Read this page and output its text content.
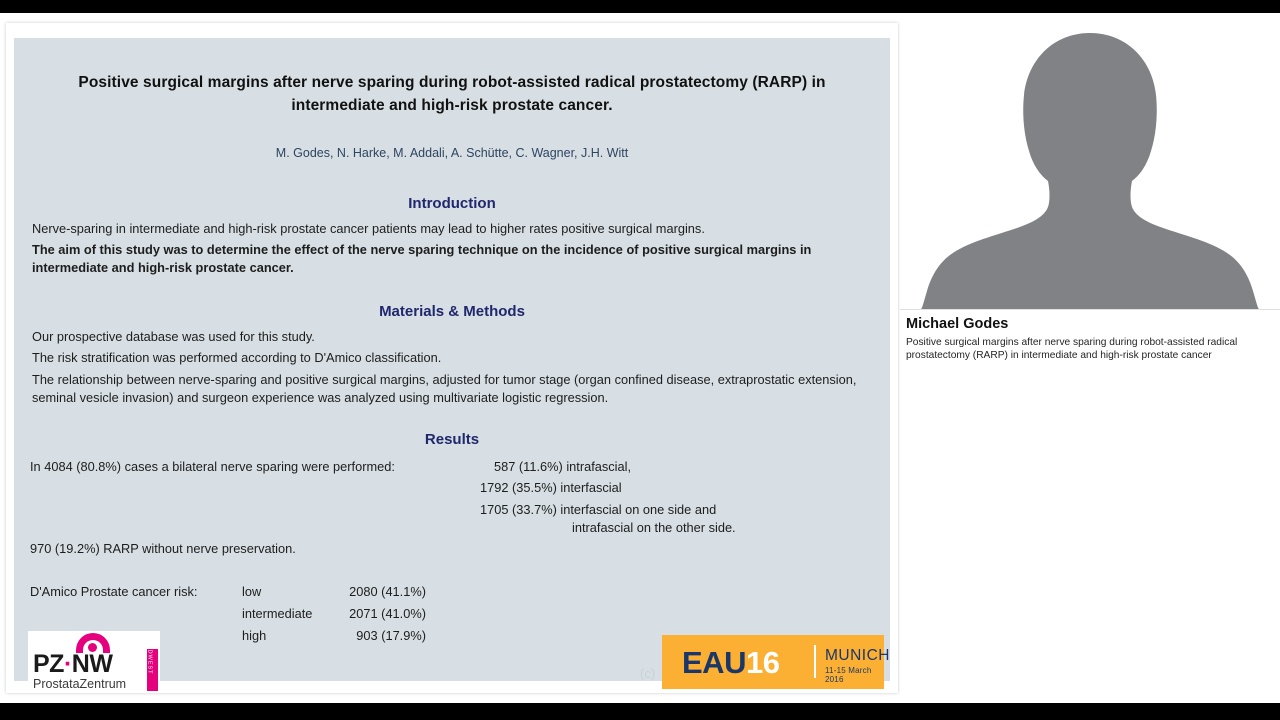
Positive surgical margins after nerve sparing during robot-assisted radical prostatectomy (RARP) in intermediate and high-risk prostate cancer.
M. Godes, N. Harke, M. Addali, A. Schütte, C. Wagner, J.H. Witt
Introduction
Nerve-sparing in intermediate and high-risk prostate cancer patients may lead to higher rates positive surgical margins.
The aim of this study was to determine the effect of the nerve sparing technique on the incidence of positive surgical margins in intermediate and high-risk prostate cancer.
Materials & Methods
Our prospective database was used for this study.
The risk stratification was performed according to D'Amico classification.
The relationship between nerve-sparing and positive surgical margins, adjusted for tumor stage (organ confined disease, extraprostatic extension, seminal vesicle invasion) and surgeon experience was analyzed using multivariate logistic regression.
Results
In 4084 (80.8%) cases a bilateral nerve sparing were performed:	587 (11.6%) intrafascial,
1792 (35.5%) interfascial
1705 (33.7%) interfascial on one side and
intrafascial on the other side.
970 (19.2%) RARP without nerve preservation.
D'Amico Prostate cancer risk:	low	2080 (41.1%)
	intermediate	2071 (41.0%)
	high	903 (17.9%)
(c)
PZ·NW
ProstataZentrum
NORDWEST	EAU16	MUNICH
11-15 March 2016
Michael Godes
Positive surgical margins after nerve sparing during robot-assisted radical prostatectomy (RARP) in intermediate and high-risk prostate cancer
